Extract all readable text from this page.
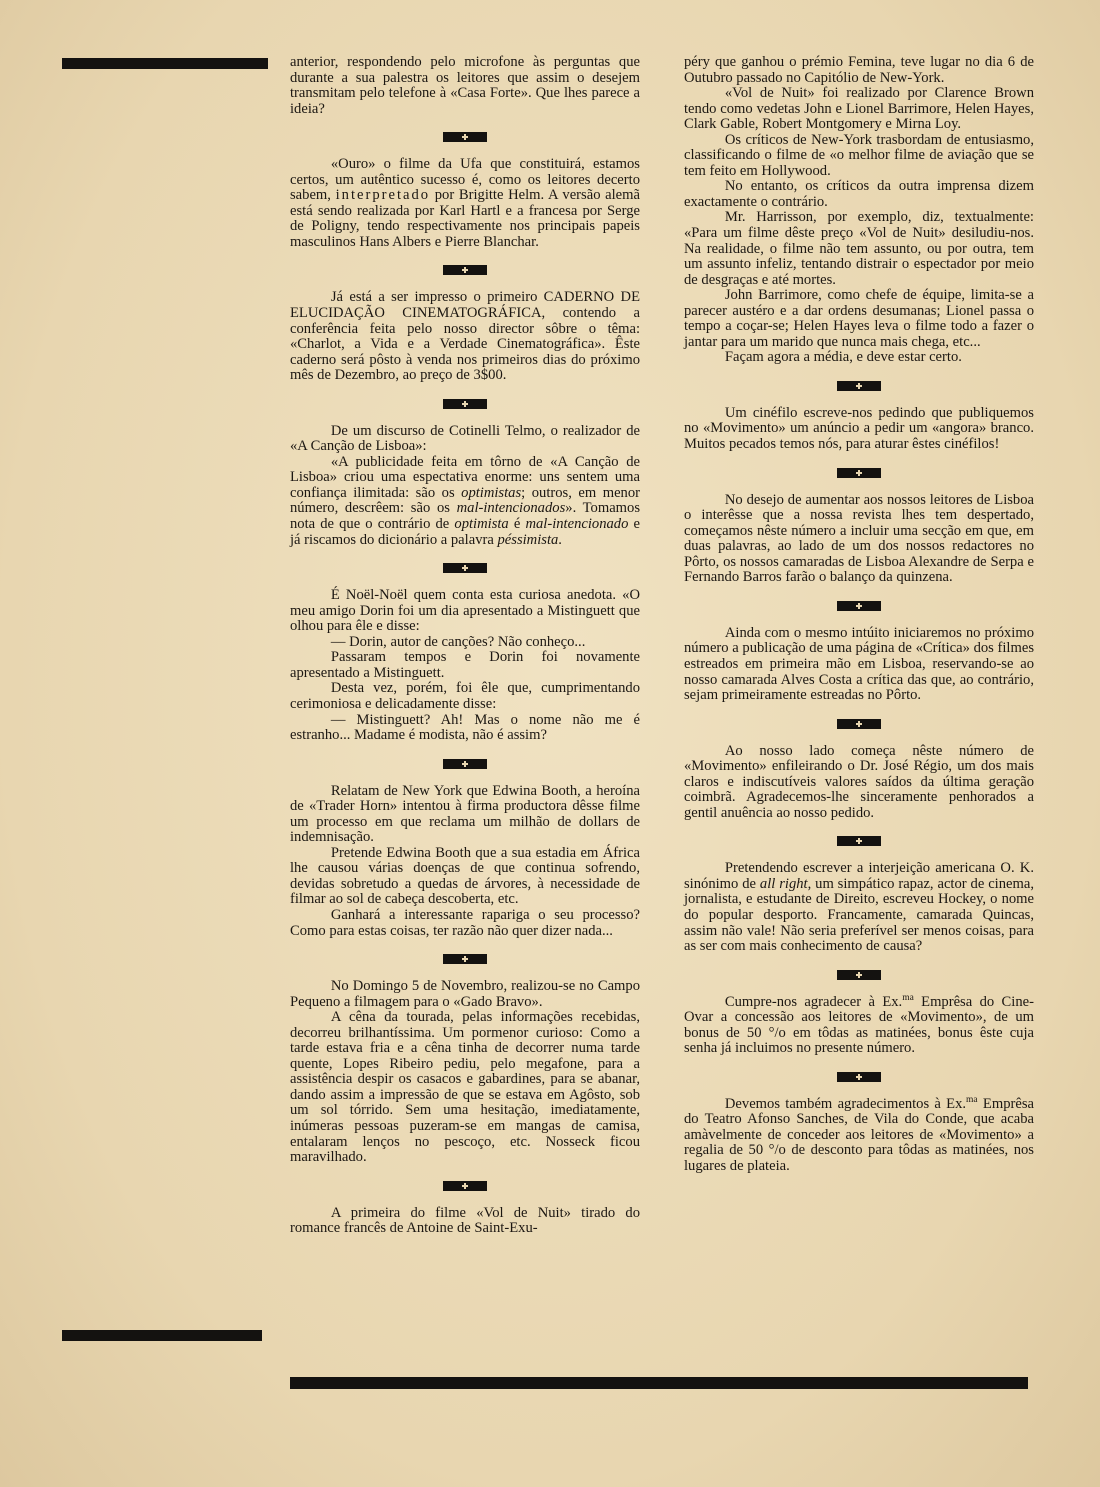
anterior, respondendo pelo microfone às perguntas que durante a sua palestra os leitores que assim o desejem transmitam pelo telefone à «Casa Forte». Que lhes parece a ideia?

«Ouro» o filme da Ufa que constituirá, estamos certos, um autêntico sucesso é, como os leitores decerto sabem, interpretado por Brigitte Helm. A versão alemã está sendo realizada por Karl Hartl e a francesa por Serge de Poligny, tendo respectivamente nos principais papeis masculinos Hans Albers e Pierre Blanchar.

Já está a ser impresso o primeiro CADERNO DE ELUCIDAÇÃO CINEMATOGRÁFICA, contendo a conferência feita pelo nosso director sôbre o têma: «Charlot, a Vida e a Verdade Cinematográfica». Êste caderno será pôsto à venda nos primeiros dias do próximo mês de Dezembro, ao preço de 3$00.

De um discurso de Cotinelli Telmo, o realizador de «A Canção de Lisboa»:

«A publicidade feita em tôrno de «A Canção de Lisboa» criou uma espectativa enorme: uns sentem uma confiança ilimitada: são os optimistas; outros, em menor número, descrêem: são os mal-intencionados». Tomamos nota de que o contrário de optimista é mal-intencionado e já riscamos do dicionário a palavra péssimista.

É Noël-Noël quem conta esta curiosa anedota. «O meu amigo Dorin foi um dia apresentado a Mistinguett que olhou para êle e disse:

— Dorin, autor de canções? Não conheço...

Passaram tempos e Dorin foi novamente apresentado a Mistinguett.

Desta vez, porém, foi êle que, cumprimentando cerimoniosa e delicadamente disse:

— Mistinguett? Ah! Mas o nome não me é estranho... Madame é modista, não é assim?

Relatam de New York que Edwina Booth, a heroína de «Trader Horn» intentou à firma productora dêsse filme um processo em que reclama um milhão de dollars de indemnisação.

Pretende Edwina Booth que a sua estadia em África lhe causou várias doenças de que continua sofrendo, devidas sobretudo a quedas de árvores, à necessidade de filmar ao sol de cabeça descoberta, etc.

Ganhará a interessante rapariga o seu processo? Como para estas coisas, ter razão não quer dizer nada...

No Domingo 5 de Novembro, realizou-se no Campo Pequeno a filmagem para o «Gado Bravo».

A cêna da tourada, pelas informações recebidas, decorreu brilhantíssima. Um pormenor curioso: Como a tarde estava fria e a cêna tinha de decorrer numa tarde quente, Lopes Ribeiro pediu, pelo megafone, para a assistência despir os casacos e gabardines, para se abanar, dando assim a impressão de que se estava em Agôsto, sob um sol tórrido. Sem uma hesitação, imediatamente, inúmeras pessoas puzeram-se em mangas de camisa, entalaram lenços no pescoço, etc. Nosseck ficou maravilhado.

A primeira do filme «Vol de Nuit» tirado do romance francês de Antoine de Saint-Exu-

péry que ganhou o prémio Femina, teve lugar no dia 6 de Outubro passado no Capitólio de New-York.

«Vol de Nuit» foi realizado por Clarence Brown tendo como vedetas John e Lionel Barrimore, Helen Hayes, Clark Gable, Robert Montgomery e Mirna Loy.

Os críticos de New-York trasbordam de entusiasmo, classificando o filme de «o melhor filme de aviação que se tem feito em Hollywood.

No entanto, os críticos da outra imprensa dizem exactamente o contrário.

Mr. Harrisson, por exemplo, diz, textualmente: «Para um filme dêste preço «Vol de Nuit» desiludiu-nos. Na realidade, o filme não tem assunto, ou por outra, tem um assunto infeliz, tentando distrair o espectador por meio de desgraças e até mortes.

John Barrimore, como chefe de équipe, limita-se a parecer austéro e a dar ordens desumanas; Lionel passa o tempo a coçar-se; Helen Hayes leva o filme todo a fazer o jantar para um marido que nunca mais chega, etc...

Façam agora a média, e deve estar certo.

Um cinéfilo escreve-nos pedindo que publiquemos no «Movimento» um anúncio a pedir um «angora» branco. Muitos pecados temos nós, para aturar êstes cinéfilos!

No desejo de aumentar aos nossos leitores de Lisboa o interêsse que a nossa revista lhes tem despertado, começamos nêste número a incluir uma secção em que, em duas palavras, ao lado de um dos nossos redactores no Pôrto, os nossos camaradas de Lisboa Alexandre de Serpa e Fernando Barros farão o balanço da quinzena.

Ainda com o mesmo intúito iniciaremos no próximo número a publicação de uma página de «Crítica» dos filmes estreados em primeira mão em Lisboa, reservando-se ao nosso camarada Alves Costa a crítica das que, ao contrário, sejam primeiramente estreadas no Pôrto.

Ao nosso lado começa nêste número de «Movimento» enfileirando o Dr. José Régio, um dos mais claros e indiscutíveis valores saídos da última geração coimbrã. Agradecemos-lhe sinceramente penhorados a gentil anuência ao nosso pedido.

Pretendendo escrever a interjeição americana O. K. sinónimo de all right, um simpático rapaz, actor de cinema, jornalista, e estudante de Direito, escreveu Hockey, o nome do popular desporto. Francamente, camarada Quincas, assim não vale! Não seria preferível ser menos coisas, para as ser com mais conhecimento de causa?

Cumpre-nos agradecer à Ex.$^{ma}$ Emprêsa do Cine-Ovar a concessão aos leitores de «Movimento», de um bonus de 50 °/o em tôdas as matinées, bonus êste cuja senha já incluimos no presente número.

Devemos também agradecimentos à Ex.$^{ma}$ Emprêsa do Teatro Afonso Sanches, de Vila do Conde, que acaba amàvelmente de conceder aos leitores de «Movimento» a regalia de 50 °/o de desconto para tôdas as matinées, nos lugares de plateia.
